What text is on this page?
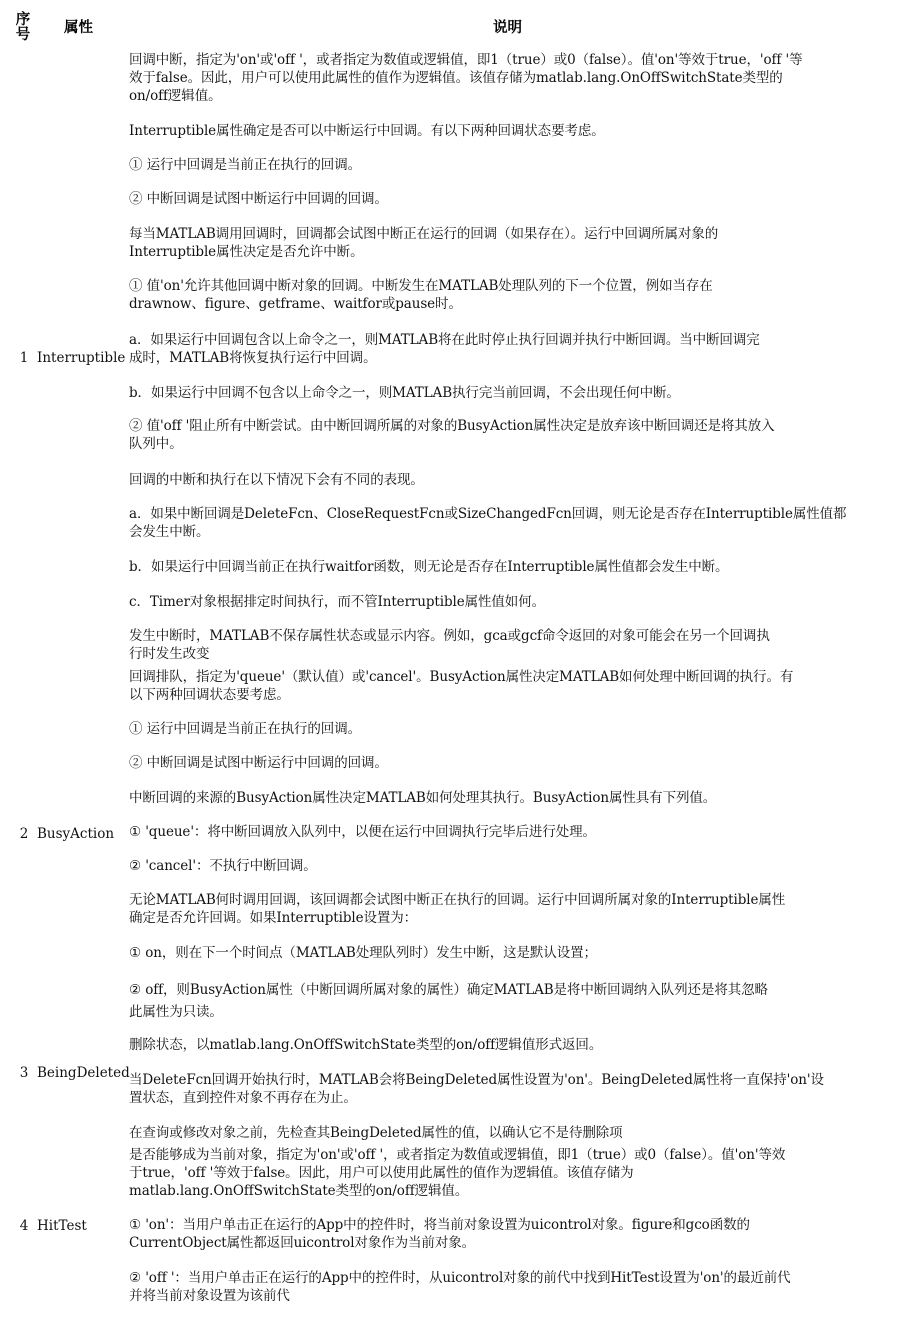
序
号	属性	说明
1 Interruptible

回调中断，指定为'on'或'off '，或者指定为数值或逻辑值，即1（true）或0（false）。值'on'等效于true，'off '等
效于false。因此，用户可以使用此属性的值作为逻辑值。该值存储为matlab.lang.OnOffSwitchState类型的
on/off逻辑值。

Interruptible属性确定是否可以中断运行中回调。有以下两种回调状态要考虑。

① 运行中回调是当前正在执行的回调。

② 中断回调是试图中断运行中回调的回调。

每当MATLAB调用回调时，回调都会试图中断正在运行的回调（如果存在）。运行中回调所属对象的
Interruptible属性决定是否允许中断。

① 值'on'允许其他回调中断对象的回调。中断发生在MATLAB处理队列的下一个位置，例如当存在
drawnow、figure、getframe、waitfor或pause时。

a．如果运行中回调包含以上命令之一，则MATLAB将在此时停止执行回调并执行中断回调。当中断回调完
成时，MATLAB将恢复执行运行中回调。

b．如果运行中回调不包含以上命令之一，则MATLAB执行完当前回调，不会出现任何中断。

② 值'off '阻止所有中断尝试。由中断回调所属的对象的BusyAction属性决定是放弃该中断回调还是将其放入
队列中。

回调的中断和执行在以下情况下会有不同的表现。

a．如果中断回调是DeleteFcn、CloseRequestFcn或SizeChangedFcn回调，则无论是否存在Interruptible属性值都
会发生中断。

b．如果运行中回调当前正在执行waitfor函数，则无论是否存在Interruptible属性值都会发生中断。

c．Timer对象根据排定时间执行，而不管Interruptible属性值如何。

发生中断时，MATLAB不保存属性状态或显示内容。例如，gca或gcf命令返回的对象可能会在另一个回调执
行时发生改变

2 BusyAction

回调排队，指定为'queue'（默认值）或'cancel'。BusyAction属性决定MATLAB如何处理中断回调的执行。有
以下两种回调状态要考虑。

① 运行中回调是当前正在执行的回调。

② 中断回调是试图中断运行中回调的回调。

中断回调的来源的BusyAction属性决定MATLAB如何处理其执行。BusyAction属性具有下列值。

① 'queue'：将中断回调放入队列中，以便在运行中回调执行完毕后进行处理。

② 'cancel'：不执行中断回调。

无论MATLAB何时调用回调，该回调都会试图中断正在执行的回调。运行中回调所属对象的Interruptible属性
确定是否允许回调。如果Interruptible设置为：

① on，则在下一个时间点（MATLAB处理队列时）发生中断，这是默认设置；

② off，则BusyAction属性（中断回调所属对象的属性）确定MATLAB是将中断回调纳入队列还是将其忽略
此属性为只读。

3 BeingDeleted

删除状态，以matlab.lang.OnOffSwitchState类型的on/off逻辑值形式返回。

当DeleteFcn回调开始执行时，MATLAB会将BeingDeleted属性设置为'on'。BeingDeleted属性将一直保持'on'设
置状态，直到控件对象不再存在为止。

在查询或修改对象之前，先检查其BeingDeleted属性的值，以确认它不是待删除项

4 HitTest

是否能够成为当前对象，指定为'on'或'off '，或者指定为数值或逻辑值，即1（true）或0（false）。值'on'等效
于true，'off '等效于false。因此，用户可以使用此属性的值作为逻辑值。该值存储为
matlab.lang.OnOffSwitchState类型的on/off逻辑值。

① 'on'：当用户单击正在运行的App中的控件时，将当前对象设置为uicontrol对象。figure和gco函数的
CurrentObject属性都返回uicontrol对象作为当前对象。

② 'off '：当用户单击正在运行的App中的控件时，从uicontrol对象的前代中找到HitTest设置为'on'的最近前代
并将当前对象设置为该前代
